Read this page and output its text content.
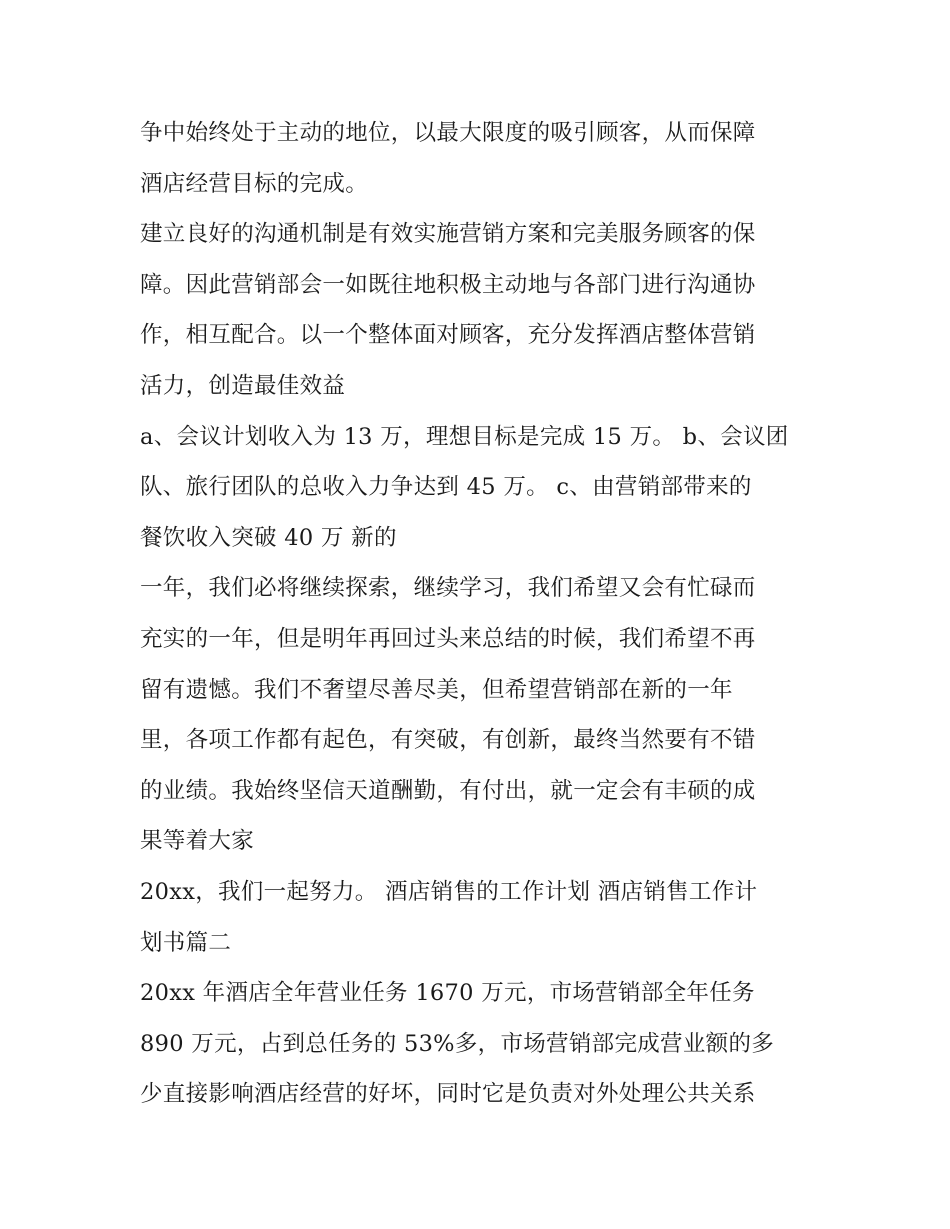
争中始终处于主动的地位，以最大限度的吸引顾客，从而保障
酒店经营目标的完成。
建立良好的沟通机制是有效实施营销方案和完美服务顾客的保
障。因此营销部会一如既往地积极主动地与各部门进行沟通协
作，相互配合。以一个整体面对顾客，充分发挥酒店整体营销
活力，创造最佳效益
a、会议计划收入为 13 万，理想目标是完成 15 万。 b、会议团
队、旅行团队的总收入力争达到 45 万。 c、由营销部带来的
餐饮收入突破 40 万 新的
一年，我们必将继续探索，继续学习，我们希望又会有忙碌而
充实的一年，但是明年再回过头来总结的时候，我们希望不再
留有遗憾。我们不奢望尽善尽美，但希望营销部在新的一年
里，各项工作都有起色，有突破，有创新，最终当然要有不错
的业绩。我始终坚信天道酬勤，有付出，就一定会有丰硕的成
果等着大家
20xx，我们一起努力。 酒店销售的工作计划 酒店销售工作计
划书篇二
20xx 年酒店全年营业任务 1670 万元，市场营销部全年任务
890 万元，占到总任务的 53%多，市场营销部完成营业额的多
少直接影响酒店经营的好坏，同时它是负责对外处理公共关系
